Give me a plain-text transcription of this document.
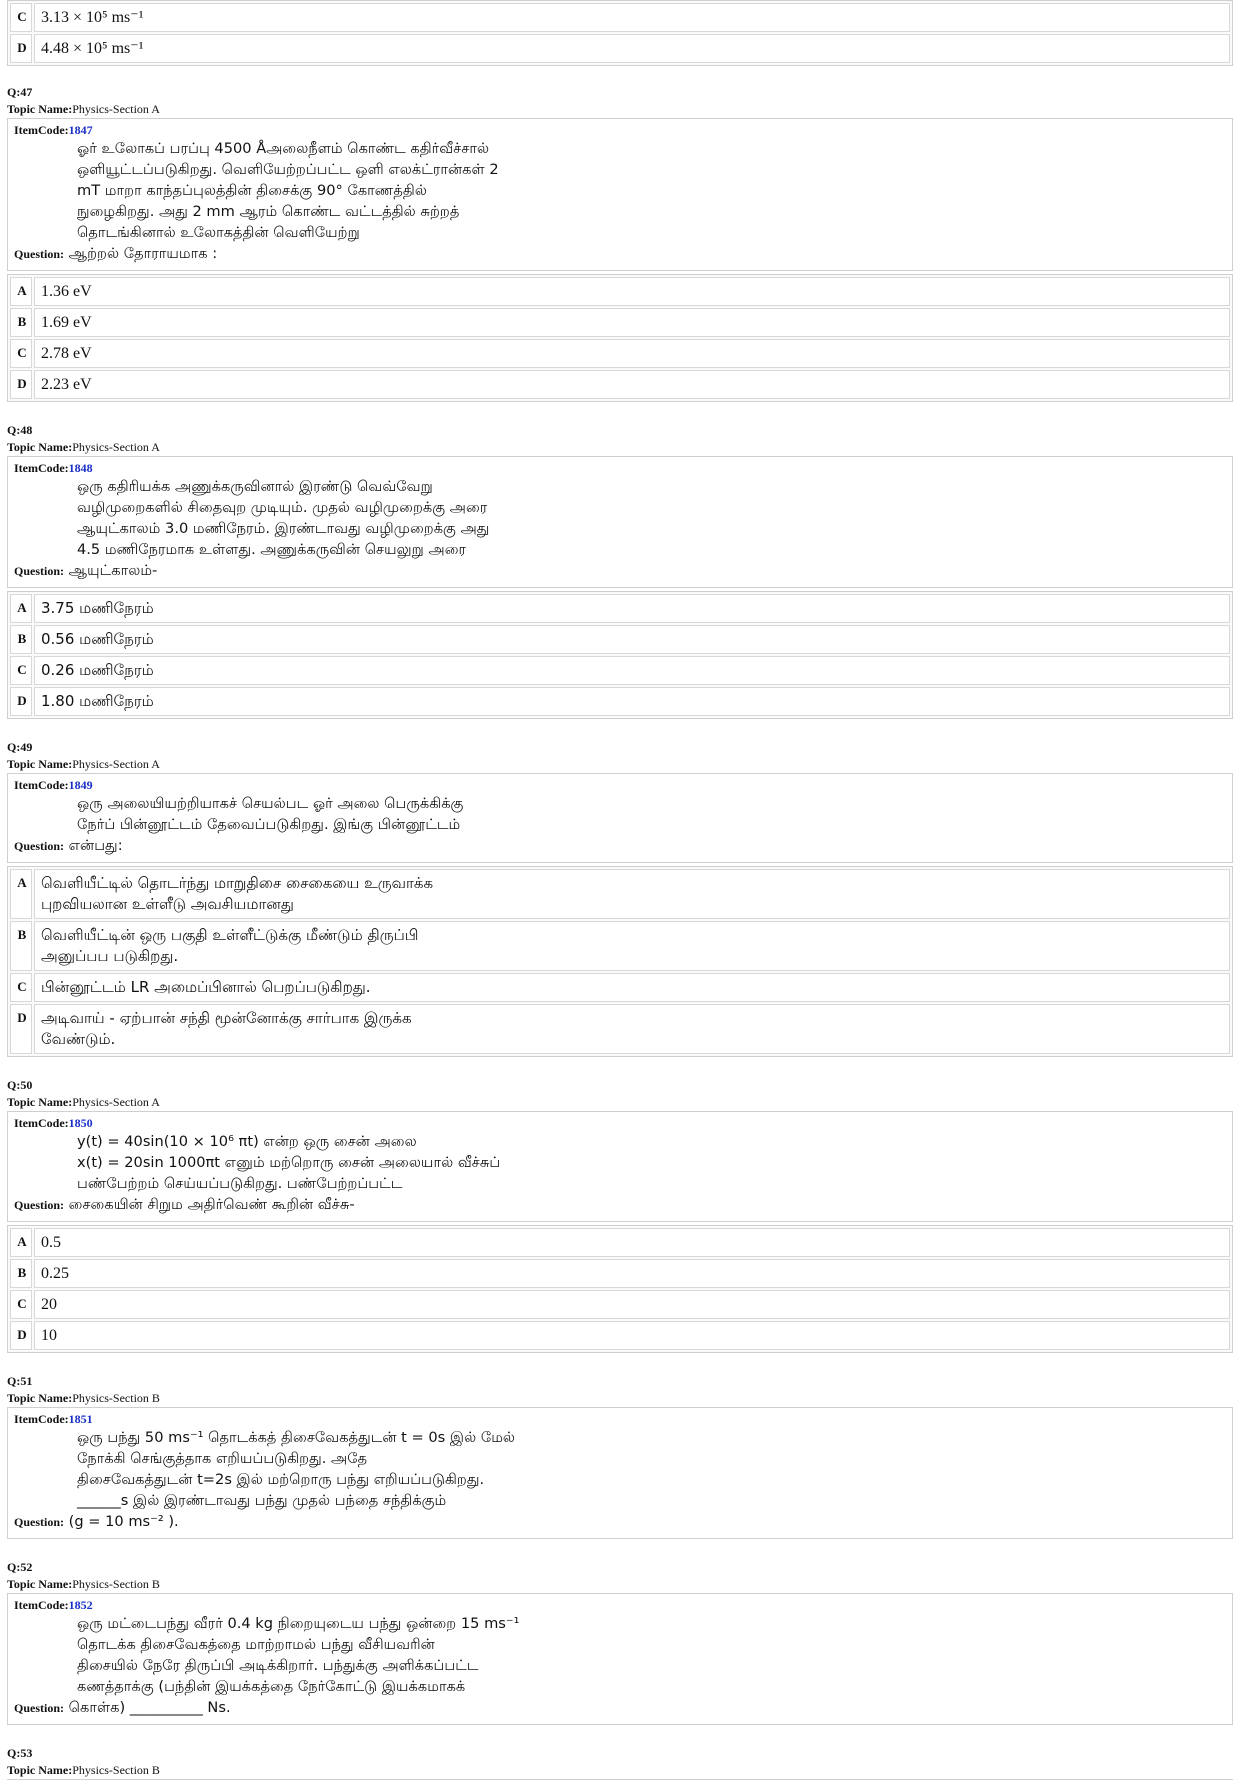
C	3.13 × 10⁵ ms⁻¹
D	4.48 × 10⁵ ms⁻¹
Q:47
Topic Name:Physics-Section A
ItemCode:1847
ஓர் உலோகப் பரப்பு 4500 Åஅலைநீளம் கொண்ட கதிர்வீச்சால்
ஒளியூட்டப்படுகிறது. வெளியேற்றப்பட்ட ஒளி எலக்ட்ரான்கள் 2
mT மாறா காந்தப்புலத்தின் திசைக்கு 90° கோணத்தில்
நுழைகிறது. அது 2 mm ஆரம் கொண்ட வட்டத்தில் சுற்றத்
தொடங்கினால் உலோகத்தின் வெளியேற்று
Question: ஆற்றல் தோராயமாக :
A	1.36 eV
B	1.69 eV
C	2.78 eV
D	2.23 eV
Q:48
Topic Name:Physics-Section A
ItemCode:1848
ஒரு கதிரியக்க அணுக்கருவினால் இரண்டு வெவ்வேறு
வழிமுறைகளில் சிதைவுற முடியும். முதல் வழிமுறைக்கு அரை
ஆயுட்காலம் 3.0 மணிநேரம். இரண்டாவது வழிமுறைக்கு அது
4.5 மணிநேரமாக உள்ளது. அணுக்கருவின் செயலுறு அரை
Question: ஆயுட்காலம்-
A	3.75 மணிநேரம்
B	0.56 மணிநேரம்
C	0.26 மணிநேரம்
D	1.80 மணிநேரம்
Q:49
Topic Name:Physics-Section A
ItemCode:1849
ஒரு அலையியற்றியாகச் செயல்பட ஓர் அலை பெருக்கிக்கு
நேர்ப் பின்னூட்டம் தேவைப்படுகிறது. இங்கு பின்னூட்டம்
Question: என்பது:
A	வெளியீட்டில் தொடர்ந்து மாறுதிசை சைகையை உருவாக்க
புறவியலான உள்ளீடு அவசியமானது

B	வெளியீட்டின் ஒரு பகுதி உள்ளீட்டுக்கு மீண்டும் திருப்பி
அனுப்பப படுகிறது.

C	பின்னூட்டம் LR அமைப்பினால் பெறப்படுகிறது.

D	அடிவாய் - ஏற்பான் சந்தி மூன்னோக்கு சார்பாக இருக்க
வேண்டும்.
Q:50
Topic Name:Physics-Section A
ItemCode:1850
y(t) = 40sin(10 × 10⁶ πt) என்ற ஒரு சைன் அலை
x(t) = 20sin 1000πt எனும் மற்றொரு சைன் அலையால் வீச்சுப்
பண்பேற்றம் செய்யப்படுகிறது. பண்பேற்றப்பட்ட
Question: சைகையின் சிறும அதிர்வெண் கூறின் வீச்சு-
A	0.5
B	0.25
C	20
D	10
Q:51
Topic Name:Physics-Section B
ItemCode:1851
ஒரு பந்து 50 ms⁻¹ தொடக்கத் திசைவேகத்துடன் t = 0s இல் மேல்
நோக்கி செங்குத்தாக எறியப்படுகிறது. அதே
திசைவேகத்துடன் t=2s இல் மற்றொரு பந்து எறியப்படுகிறது.
______s இல் இரண்டாவது பந்து முதல் பந்தை சந்திக்கும்
Question: (g = 10 ms⁻² ).
Q:52
Topic Name:Physics-Section B
ItemCode:1852
ஒரு மட்டைபந்து வீரர் 0.4 kg நிறையுடைய பந்து ஒன்றை 15 ms⁻¹
தொடக்க திசைவேகத்தை மாற்றாமல் பந்து வீசியவரின்
திசையில் நேரே திருப்பி அடிக்கிறார். பந்துக்கு அளிக்கப்பட்ட
கணத்தாக்கு (பந்தின் இயக்கத்தை நேர்கோட்டு இயக்கமாகக்
Question: கொள்க) __________ Ns.
Q:53
Topic Name:Physics-Section B
